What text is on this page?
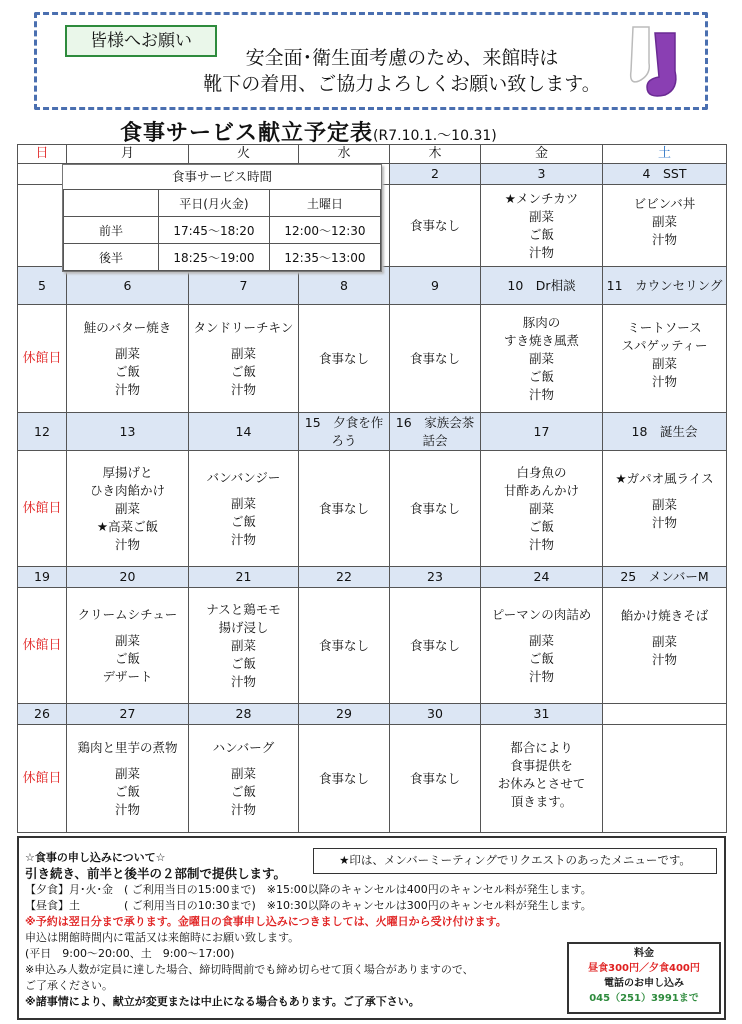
皆様へお願い
安全面･衛生面考慮のため、来館時は
靴下の着用、ご協力よろしくお願い致します。
食事サービス献立予定表(R7.10.1.～10.31)
日	月	火	水	木	金	土
				2	3	4　SST
				食事なし	★メンチカツ
副菜
ご飯
汁物	ビビンバ丼
副菜
汁物

5	6	7	8	9	10　Dr相談	11　カウンセリング
休館日	鮭のバター焼き
副菜
ご飯
汁物	タンドリーチキン
副菜
ご飯
汁物	食事なし	食事なし	豚肉の
すき焼き風煮
副菜
ご飯
汁物	ミートソース
スパゲッティー
副菜
汁物

12	13	14	15　夕食を作ろう	16　家族会茶話会	17	18　誕生会
休館日	厚揚げと
ひき肉餡かけ
副菜
★高菜ご飯
汁物	バンバンジー
副菜
ご飯
汁物	食事なし	食事なし	白身魚の
甘酢あんかけ
副菜
ご飯
汁物	★ガパオ風ライス
副菜
汁物

19	20	21	22	23	24	25　メンバーM
休館日	クリームシチュー
副菜
ご飯
デザート	ナスと鶏モモ
揚げ浸し
副菜
ご飯
汁物	食事なし	食事なし	ピーマンの肉詰め
副菜
ご飯
汁物	餡かけ焼きそば
副菜
汁物

26	27	28	29	30	31	
休館日	鶏肉と里芋の煮物
副菜
ご飯
汁物	ハンバーグ
副菜
ご飯
汁物	食事なし	食事なし	都合により
食事提供を
お休みとさせて
頂きます。	

食事サービス時間
	平日(月火金)	土曜日
前半	17:45～18:20	12:00～12:30
後半	18:25～19:00	12:35～13:00
★印は、メンバーミーティングでリクエストのあったメニューです。
☆食事の申し込みについて☆
引き続き、前半と後半の２部制で提供します。
【夕食】月･火･金　( ご利用当日の15:00まで)　※15:00以降のキャンセルは400円のキャンセル料が発生します。
【昼食】土　　　　( ご利用当日の10:30まで)　※10:30以降のキャンセルは300円のキャンセル料が発生します。
※予約は翌日分まで承ります。金曜日の食事申し込みにつきましては、火曜日から受け付けます。
申込は開館時間内に電話又は来館時にお願い致します。
(平日　9:00～20:00、土　9:00～17:00)
※申込み人数が定員に達した場合、締切時間前でも締め切らせて頂く場合がありますので、
ご了承ください。
※諸事情により、献立が変更または中止になる場合もあります。ご了承下さい。
料金
昼食300円／夕食400円
電話のお申し込み
045（251）3991まで
